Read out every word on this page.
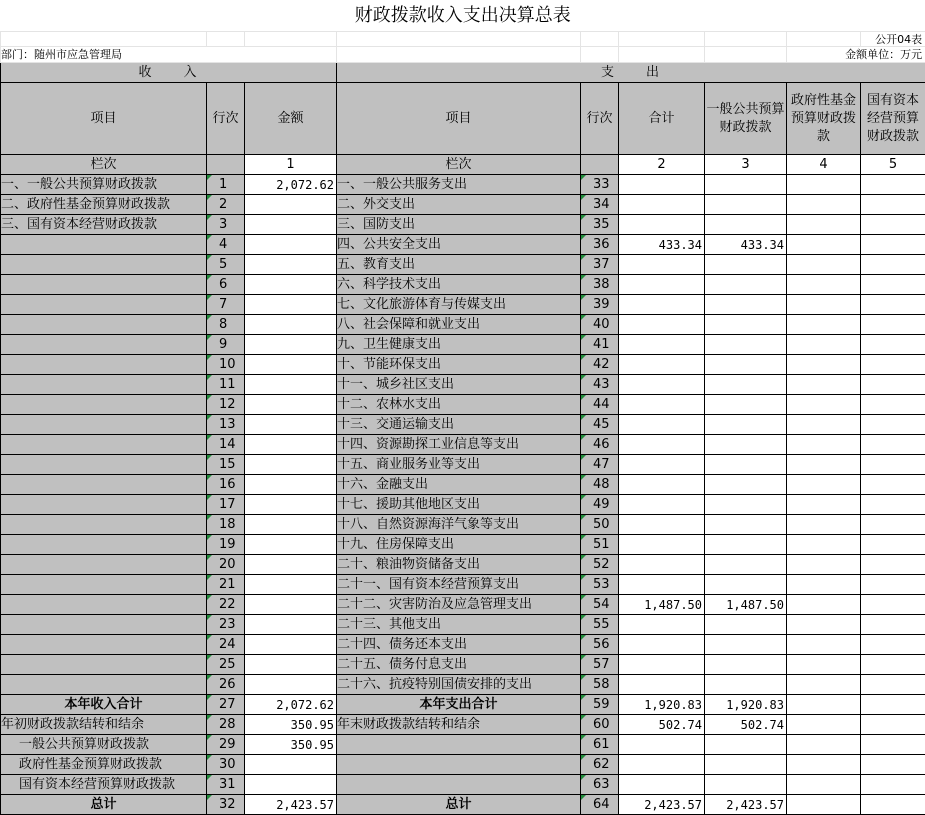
财政拨款收入支出决算总表								
								公开04表
部门：随州市应急管理局							金额单位：万元	
收　　入			支　　出					
项目	行次	金额	项目	行次	合计	一般公共预算财政拨款	政府性基金预算财政拨款	国有资本经营预算财政拨款
栏次		1	栏次		2	3	4	5
一、一般公共预算财政拨款	1	2,072.62	一、一般公共服务支出	33				
二、政府性基金预算财政拨款	2		二、外交支出	34				
三、国有资本经营财政拨款	3		三、国防支出	35				
	4		四、公共安全支出	36	433.34	433.34		
	5		五、教育支出	37				
	6		六、科学技术支出	38				
	7		七、文化旅游体育与传媒支出	39				
	8		八、社会保障和就业支出	40				
	9		九、卫生健康支出	41				
	10		十、节能环保支出	42				
	11		十一、城乡社区支出	43				
	12		十二、农林水支出	44				
	13		十三、交通运输支出	45				
	14		十四、资源勘探工业信息等支出	46				
	15		十五、商业服务业等支出	47				
	16		十六、金融支出	48				
	17		十七、援助其他地区支出	49				
	18		十八、自然资源海洋气象等支出	50				
	19		十九、住房保障支出	51				
	20		二十、粮油物资储备支出	52				
	21		二十一、国有资本经营预算支出	53				
	22		二十二、灾害防治及应急管理支出	54	1,487.50	1,487.50		
	23		二十三、其他支出	55				
	24		二十四、债务还本支出	56				
	25		二十五、债务付息支出	57				
	26		二十六、抗疫特别国债安排的支出	58				
本年收入合计	27	2,072.62	本年支出合计	59	1,920.83	1,920.83		
年初财政拨款结转和结余	28	350.95	年末财政拨款结转和结余	60	502.74	502.74		
一般公共预算财政拨款	29	350.95		61				
政府性基金预算财政拨款	30			62				
国有资本经营预算财政拨款	31			63				
总计	32	2,423.57	总计	64	2,423.57	2,423.57		
